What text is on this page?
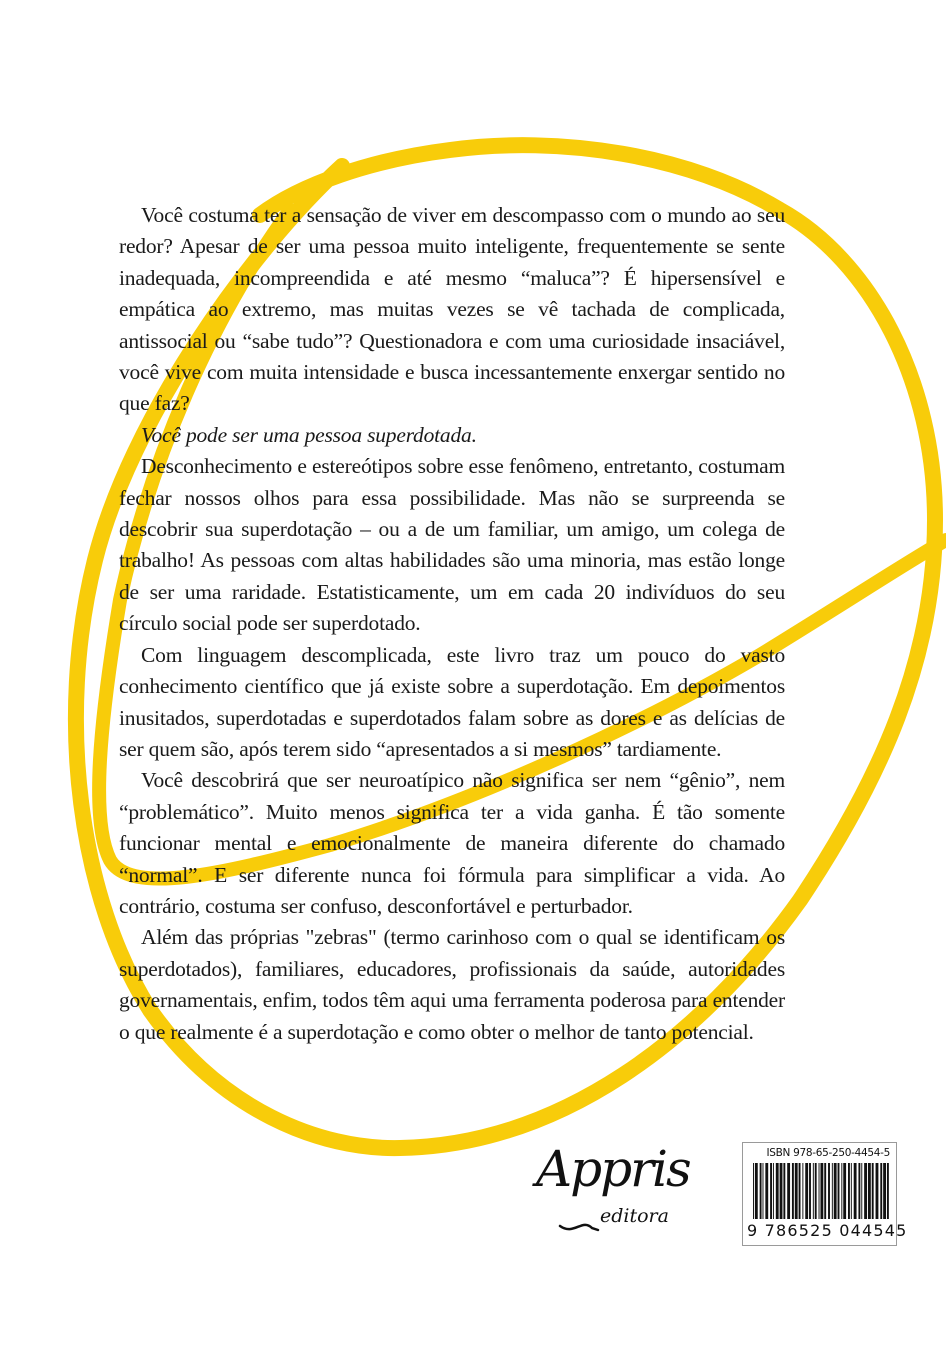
Você costuma ter a sensação de viver em descompasso com o mundo ao seu redor? Apesar de ser uma pessoa muito inteligente, frequentemente se sente inadequada, incompreendida e até mesmo “maluca”? É hipersensível e empática ao extremo, mas muitas vezes se vê tachada de complicada, antissocial ou “sabe tudo”? Questionadora e com uma curiosidade insaciável, você vive com muita intensidade e busca incessantemente enxergar sentido no que faz?

Você pode ser uma pessoa superdotada.

Desconhecimento e estereótipos sobre esse fenômeno, entretanto, costumam fechar nossos olhos para essa possibilidade. Mas não se surpreenda se descobrir sua superdotação – ou a de um familiar, um amigo, um colega de trabalho! As pessoas com altas habilidades são uma minoria, mas estão longe de ser uma raridade. Estatisticamente, um em cada 20 indivíduos do seu círculo social pode ser superdotado.

Com linguagem descomplicada, este livro traz um pouco do vasto conhecimento científico que já existe sobre a superdotação. Em depoimentos inusitados, superdotadas e superdotados falam sobre as dores e as delícias de ser quem são, após terem sido “apresentados a si mesmos” tardiamente.

Você descobrirá que ser neuroatípico não significa ser nem “gênio”, nem “problemático”. Muito menos significa ter a vida ganha. É tão somente funcionar mental e emocionalmente de maneira diferente do chamado “normal”. E ser diferente nunca foi fórmula para simplificar a vida. Ao contrário, costuma ser confuso, desconfortável e perturbador.

Além das próprias "zebras" (termo carinhoso com o qual se identificam os superdotados), familiares, educadores, profissionais da saúde, autoridades governamentais, enfim, todos têm aqui uma ferramenta poderosa para entender o que realmente é a superdotação e como obter o melhor de tanto potencial.

Appris
editora
ISBN 978-65-250-4454-5
9 786525 044545
